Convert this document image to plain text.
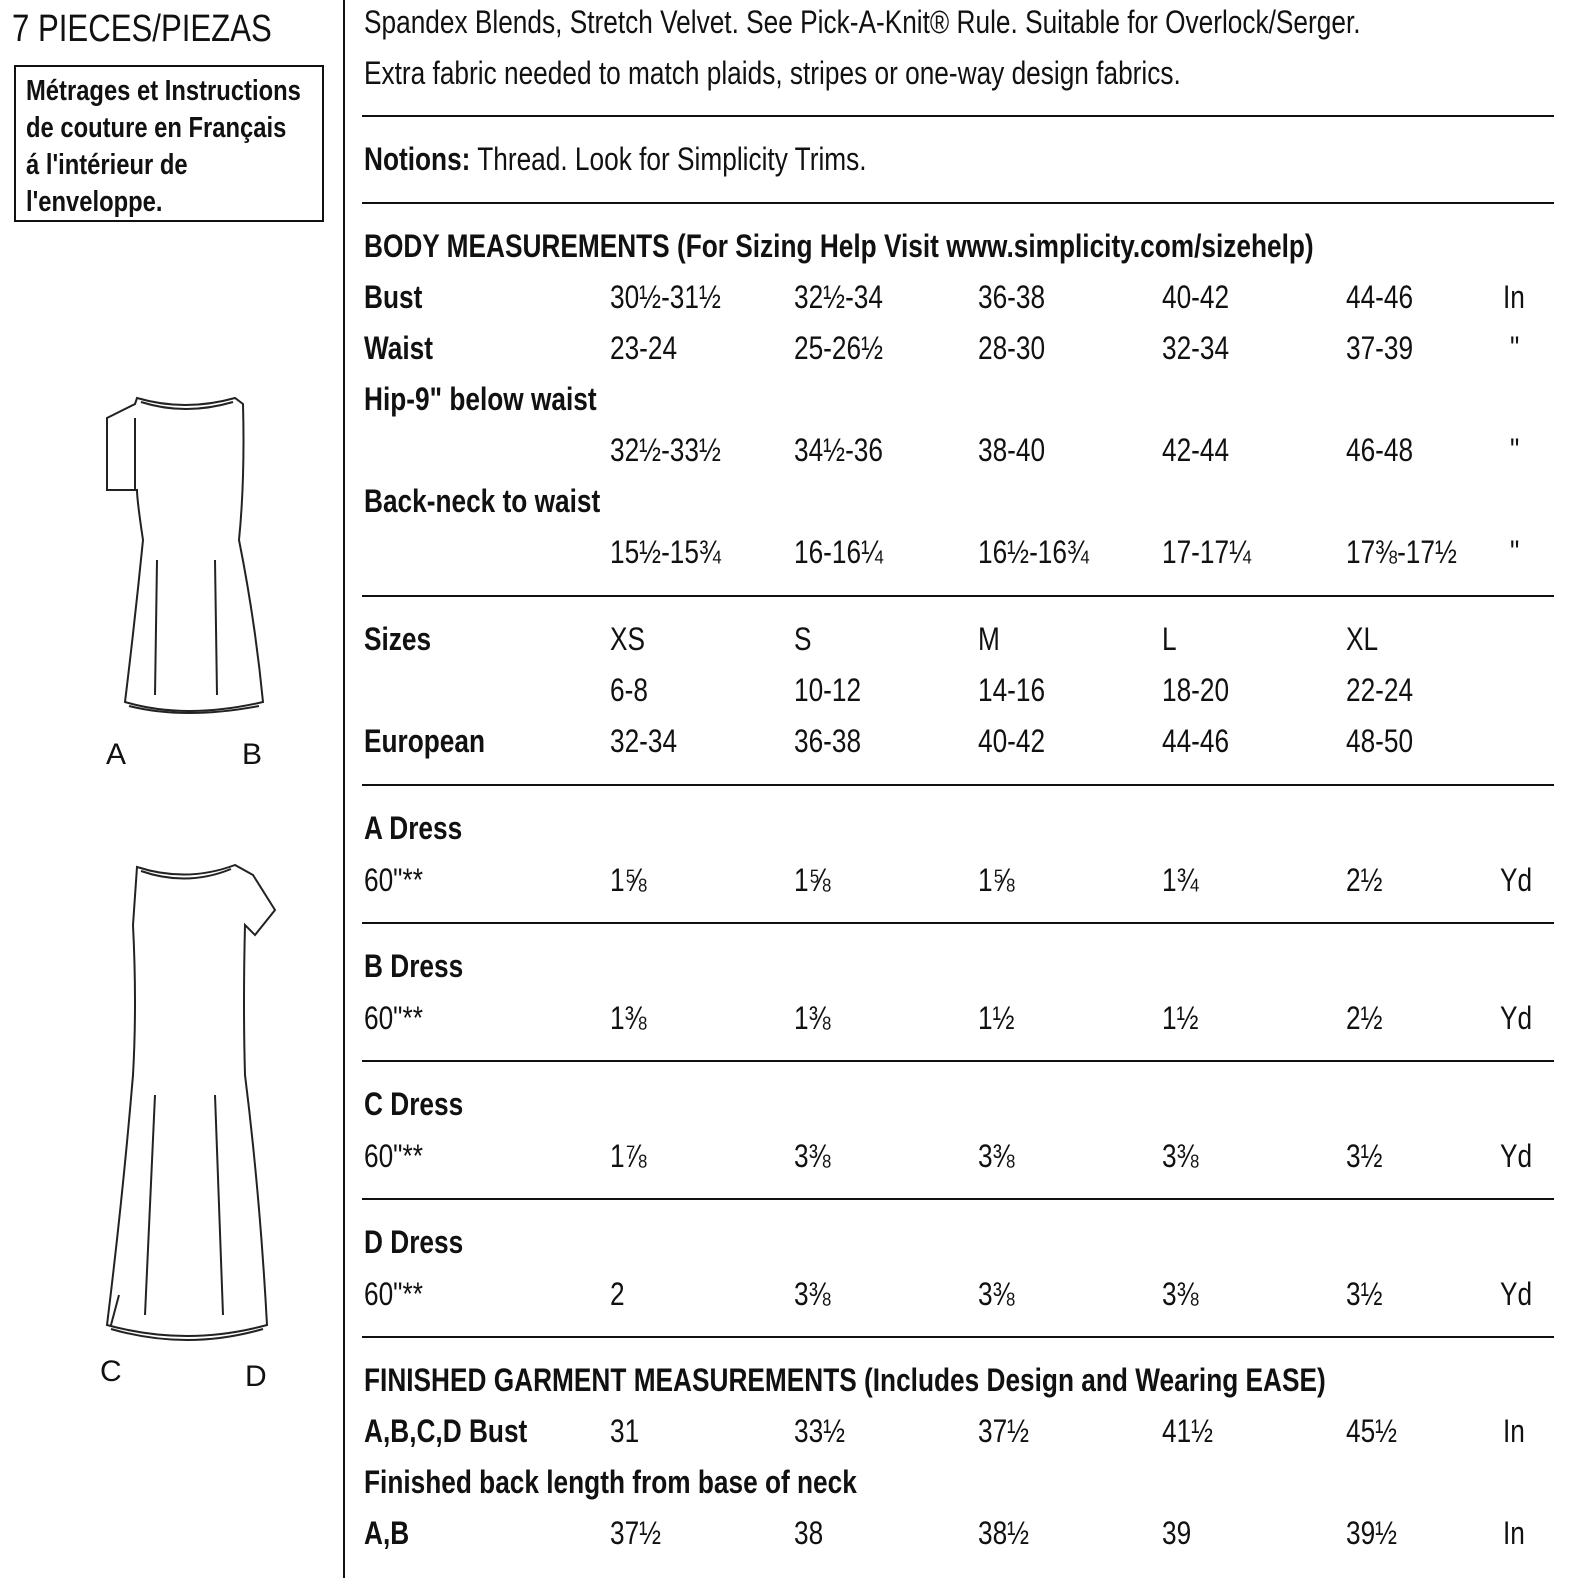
7 PIECES/PIEZAS
Métrages et Instructions
de couture en Français
á l'intérieur de
l'enveloppe.
A	B
C	D
Spandex Blends, Stretch Velvet. See Pick-A-Knit® Rule. Suitable for Overlock/Serger.
Extra fabric needed to match plaids, stripes or one-way design fabrics.
Notions: Thread. Look for Simplicity Trims.
BODY MEASUREMENTS (For Sizing Help Visit www.simplicity.com/sizehelp)
Bust	30½-31½ 32½-34	36-38	40-42	44-46	In
Waist	23-24	25-26½	28-30	32-34	37-39	"
Hip-9" below waist
32½-33½ 34½-36	38-40	42-44	46-48	"
Back-neck to waist
15½-15¾ 16-16¼	16½-16¾ 17-17¼	17⅜-17½ "
Sizes	XS	S	M	L	XL
6-8	10-12	14-16	18-20	22-24
European	32-34	36-38	40-42	44-46	48-50
A Dress
60"**	1⅝	1⅝	1⅝	1¾	2½	Yd
B Dress
60"**	1⅜	1⅜	1½	1½	2½	Yd
C Dress
60"**	1⅞	3⅜	3⅜	3⅜	3½	Yd
D Dress
60"**	2	3⅜	3⅜	3⅜	3½	Yd
FINISHED GARMENT MEASUREMENTS (Includes Design and Wearing EASE)
A,B,C,D Bust	31	33½	37½	41½	45½	In
Finished back length from base of neck
A,B	37½	38	38½	39	39½	In
